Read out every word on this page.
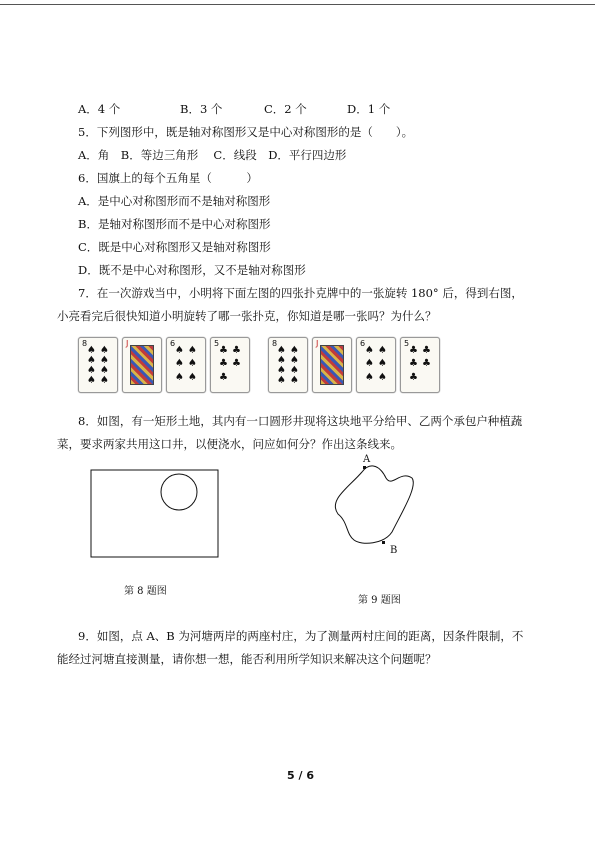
A．4 个	B．3 个	C．2 个	D．1 个
5．下列图形中，既是轴对称图形又是中心对称图形的是（　　）。
A．角　B．等边三角形　 C．线段　D．平行四边形
6．国旗上的每个五角星（　　　）
A．是中心对称图形而不是轴对称图形
B．是轴对称图形而不是中心对称图形
C．既是中心对称图形又是轴对称图形
D．既不是中心对称图形，又不是轴对称图形
7．在一次游戏当中，小明将下面左图的四张扑克牌中的一张旋转 180° 后，得到右图，
小亮看完后很快知道小明旋转了哪一张扑克，你知道是哪一张吗？为什么？
8
♠ ♠
♠ ♠
♠ ♠
♠ ♠
J	6
♠ ♠
♠ ♠
♠ ♠
5
♣ ♣
♣ ♣
♣
8
♠ ♠
♠ ♠
♠ ♠
♠ ♠
J	6
♠ ♠
♠ ♠
♠ ♠
5
♣ ♣
♣ ♣
♣
8．如图，有一矩形土地，其内有一口圆形井现将这块地平分给甲、乙两个承包户种植蔬
菜，要求两家共用这口井，以便浇水，问应如何分？作出这条线来。
第 8 题图
A
B
第 9 题图
9．如图，点 A、B 为河塘两岸的两座村庄，为了测量两村庄间的距离，因条件限制，不
能经过河塘直接测量，请你想一想，能否利用所学知识来解决这个问题呢？
5 / 6
